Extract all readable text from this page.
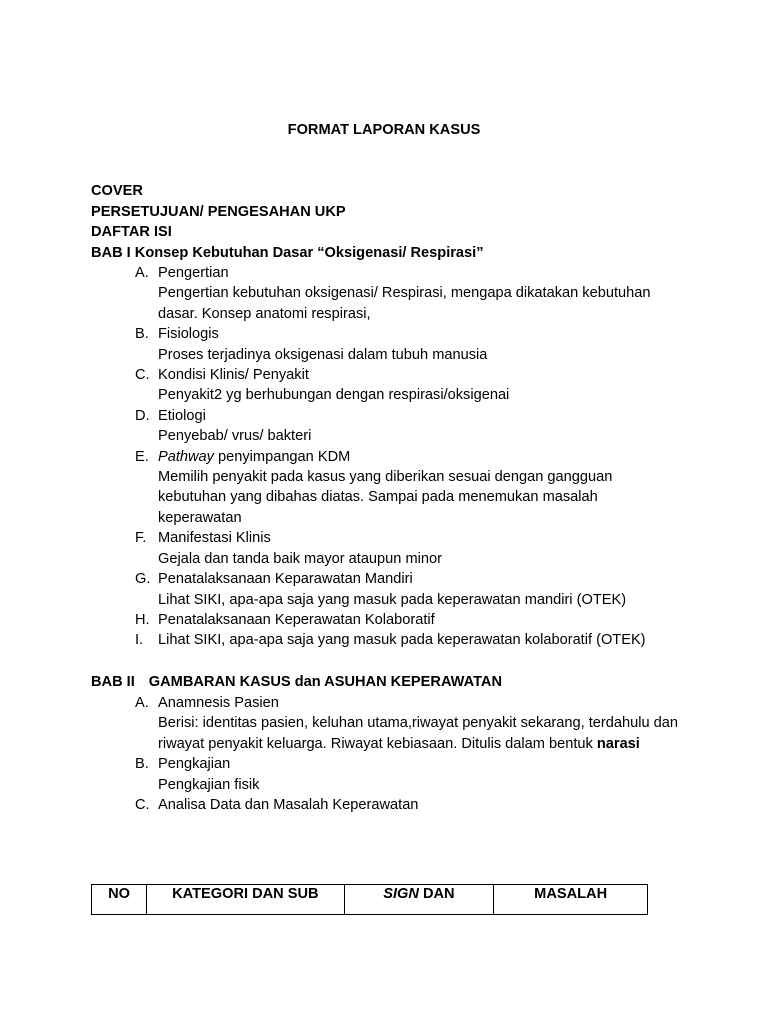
FORMAT LAPORAN KASUS
COVER
PERSETUJUAN/ PENGESAHAN UKP
DAFTAR ISI
BAB I Konsep Kebutuhan Dasar “Oksigenasi/ Respirasi”
A. Pengertian
Pengertian kebutuhan oksigenasi/ Respirasi, mengapa dikatakan kebutuhan dasar. Konsep anatomi respirasi,
B. Fisiologis
Proses terjadinya oksigenasi dalam tubuh manusia
C. Kondisi Klinis/ Penyakit
Penyakit2 yg berhubungan dengan respirasi/oksigenai
D. Etiologi
Penyebab/ vrus/ bakteri
E. Pathway penyimpangan KDM
Memilih penyakit pada kasus yang diberikan sesuai dengan gangguan kebutuhan yang dibahas diatas. Sampai pada menemukan masalah keperawatan
F. Manifestasi Klinis
Gejala dan tanda baik mayor ataupun minor
G. Penatalaksanaan Keparawatan Mandiri
Lihat SIKI, apa-apa saja yang masuk pada keperawatan mandiri (OTEK)
H. Penatalaksanaan Keperawatan Kolaboratif
I. Lihat SIKI, apa-apa saja yang masuk pada keperawatan kolaboratif (OTEK)
BAB II GAMBARAN KASUS dan ASUHAN KEPERAWATAN
A. Anamnesis Pasien
Berisi: identitas pasien, keluhan utama,riwayat penyakit sekarang, terdahulu dan riwayat penyakit keluarga. Riwayat kebiasaan. Ditulis dalam bentuk narasi
B. Pengkajian
Pengkajian fisik
C. Analisa Data dan Masalah Keperawatan
NO	KATEGORI DAN SUB	SIGN DAN	MASALAH
